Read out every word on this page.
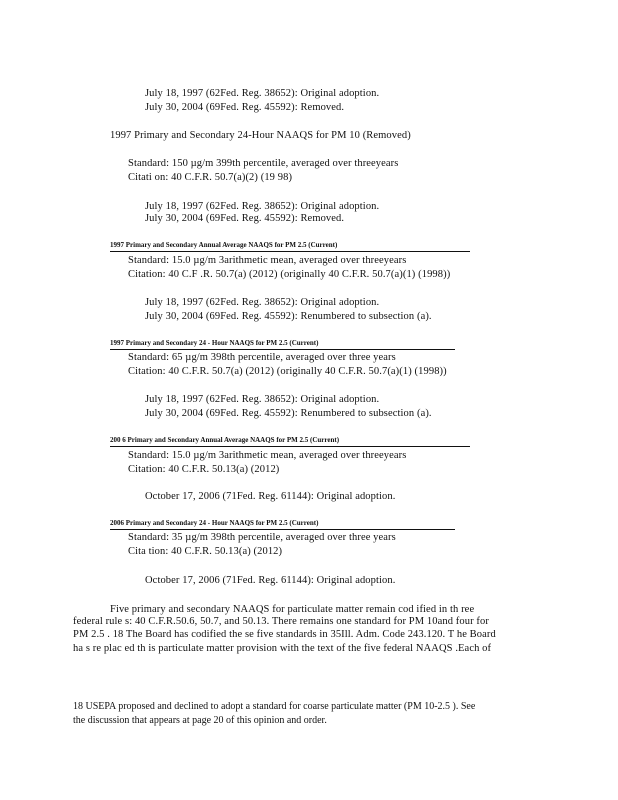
July 18, 1997 (62Fed. Reg. 38652): Original adoption.
July 30, 2004 (69Fed. Reg. 45592): Removed.
1997 Primary and Secondary 24-Hour NAAQS for PM 10 (Removed)
Standard: 150 µg/m 399th percentile, averaged over threeyears
Citati on: 40 C.F.R. 50.7(a)(2) (19 98)
July 18, 1997 (62Fed. Reg. 38652): Original adoption.
July 30, 2004 (69Fed. Reg. 45592): Removed.
1997 Primary and Secondary Annual Average NAAQS for PM 2.5 (Current)
Standard: 15.0 µg/m 3arithmetic mean, averaged over threeyears
Citation: 40 C.F .R. 50.7(a) (2012) (originally 40 C.F.R. 50.7(a)(1) (1998))
July 18, 1997 (62Fed. Reg. 38652): Original adoption.
July 30, 2004 (69Fed. Reg. 45592): Renumbered to subsection (a).
1997 Primary and Secondary 24 - Hour NAAQS for PM 2.5 (Current)
Standard: 65 µg/m 398th percentile, averaged over three years
Citation: 40 C.F.R. 50.7(a) (2012) (originally 40 C.F.R. 50.7(a)(1) (1998))
July 18, 1997 (62Fed. Reg. 38652): Original adoption.
July 30, 2004 (69Fed. Reg. 45592): Renumbered to subsection (a).
200 6 Primary and Secondary Annual Average NAAQS for PM 2.5 (Current)
Standard: 15.0 µg/m 3arithmetic mean, averaged over threeyears
Citation: 40 C.F.R. 50.13(a) (2012)
October 17, 2006 (71Fed. Reg. 61144): Original adoption.
2006 Primary and Secondary 24 - Hour NAAQS for PM 2.5 (Current)
Standard: 35 µg/m 398th percentile, averaged over three years
Cita tion: 40 C.F.R. 50.13(a) (2012)
October 17, 2006 (71Fed. Reg. 61144): Original adoption.
Five primary and secondary NAAQS for particulate matter remain cod ified in th ree
federal rule s: 40 C.F.R.50.6, 50.7, and 50.13. There remains one standard for PM 10and four for
PM 2.5 . 18 The Board has codified the se five standards in 35Ill. Adm. Code 243.120. T he Board
ha s re plac ed th is particulate matter provision with the text of the five federal NAAQS .Each of
18 USEPA proposed and declined to adopt a standard for coarse particulate matter (PM 10-2.5 ). See
the discussion that appears at page 20 of this opinion and order.
